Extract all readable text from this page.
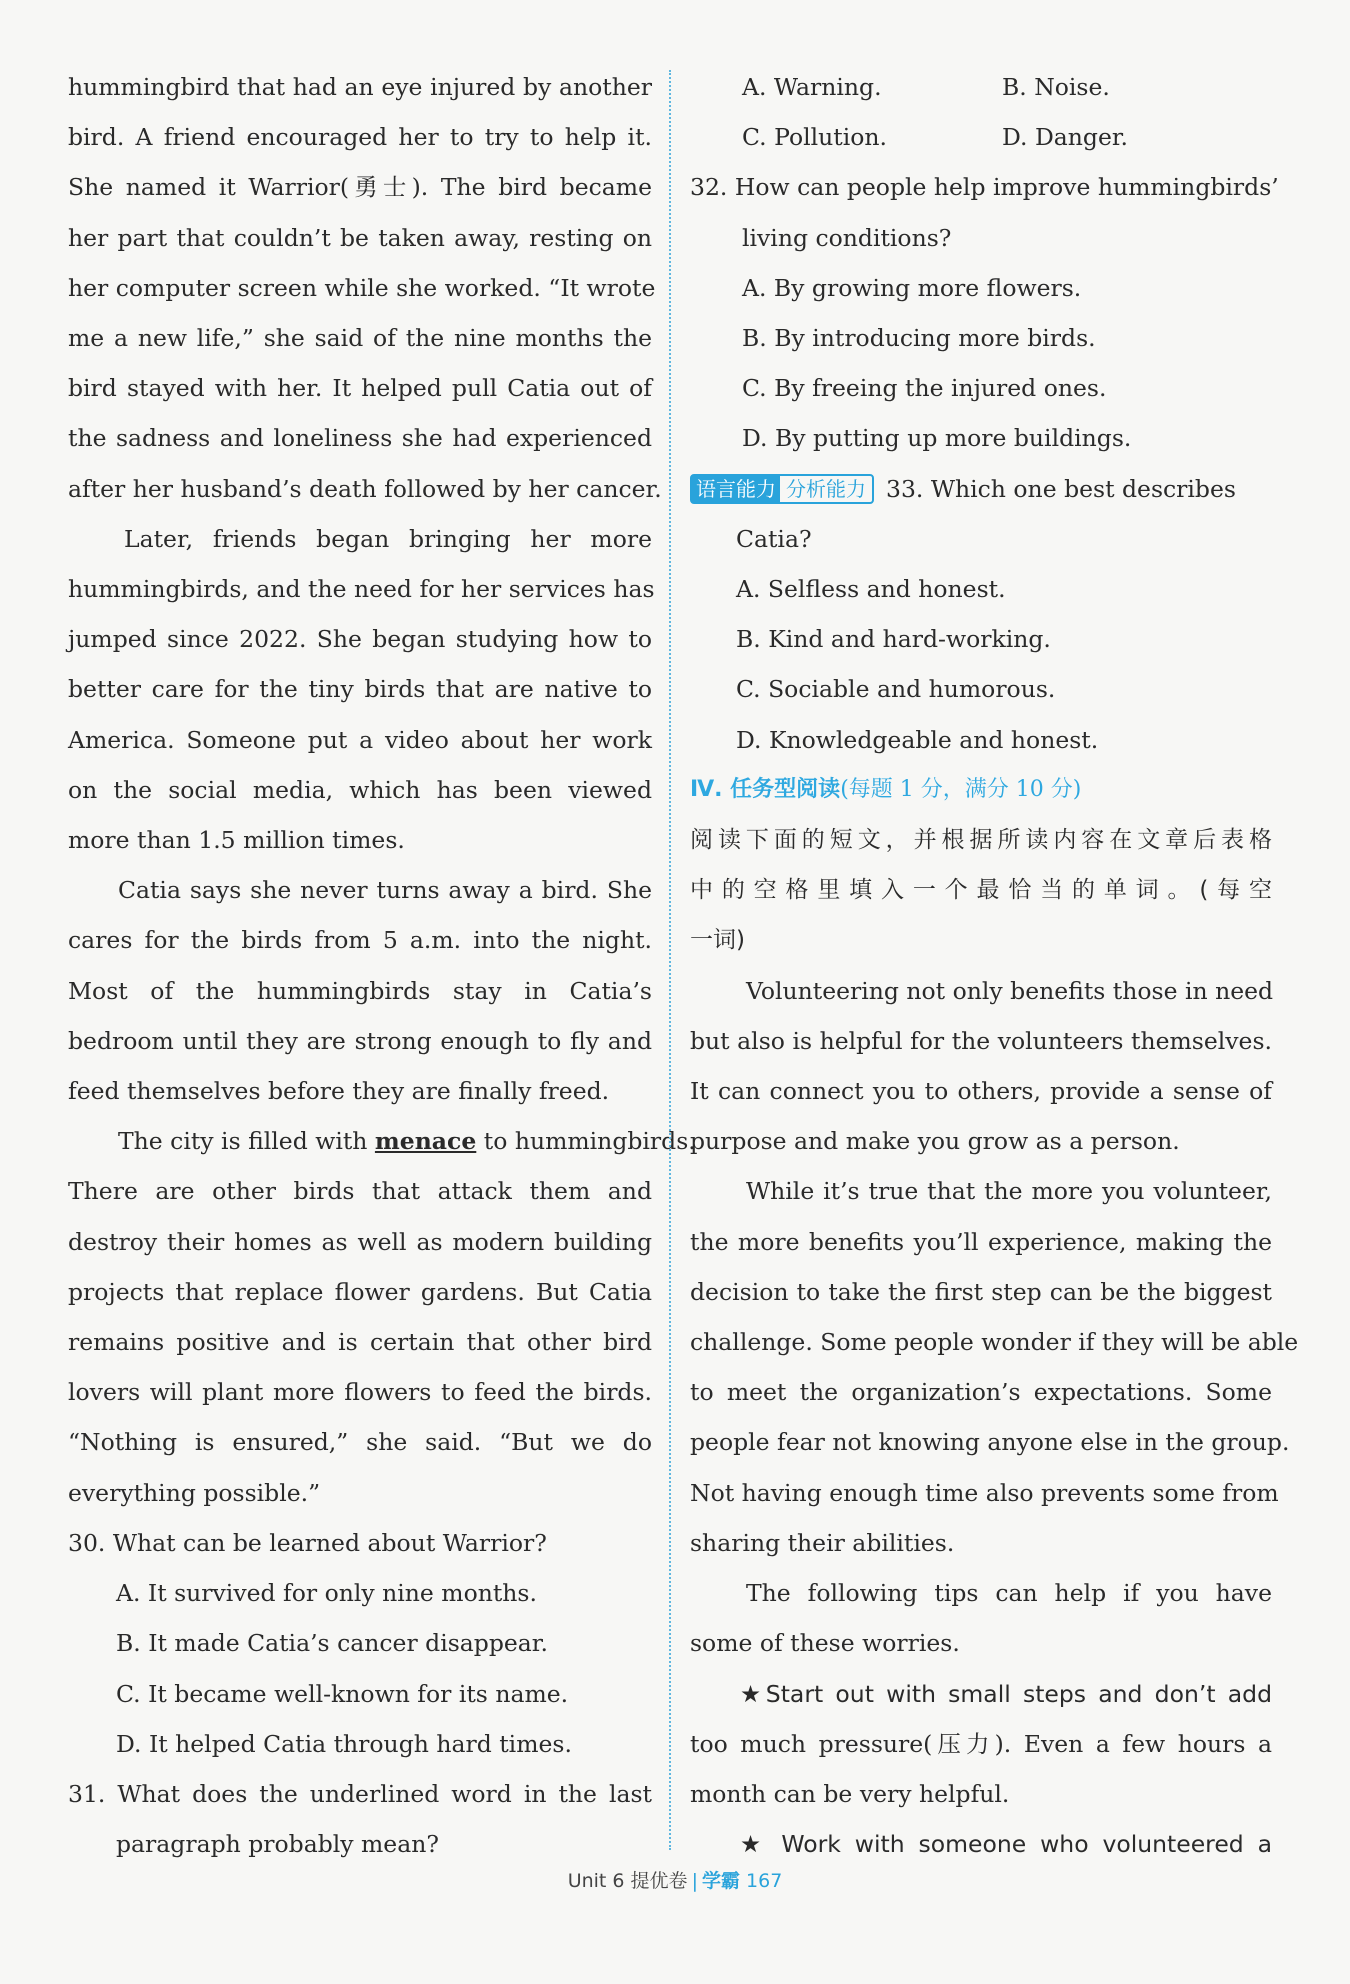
hummingbird that had an eye injured by another

bird. A friend encouraged her to try to help it.

She named it Warrior(勇士). The bird became

her part that couldn’t be taken away, resting on

her computer screen while she worked. “It wrote

me a new life,” she said of the nine months the

bird stayed with her. It helped pull Catia out of

the sadness and loneliness she had experienced

after her husband’s death followed by her cancer.

Later, friends began bringing her more

hummingbirds, and the need for her services has

jumped since 2022. She began studying how to

better care for the tiny birds that are native to

America. Someone put a video about her work

on the social media, which has been viewed

more than 1.5 million times.

Catia says she never turns away a bird. She

cares for the birds from 5 a.m. into the night.

Most of the hummingbirds stay in Catia’s

bedroom until they are strong enough to fly and

feed themselves before they are finally freed.

The city is filled with menace to hummingbirds.

There are other birds that attack them and

destroy their homes as well as modern building

projects that replace flower gardens. But Catia

remains positive and is certain that other bird

lovers will plant more flowers to feed the birds.

“Nothing is ensured,” she said. “But we do

everything possible.”

30. What can be learned about Warrior?

A. It survived for only nine months.

B. It made Catia’s cancer disappear.

C. It became well-known for its name.

D. It helped Catia through hard times.

31. What does the underlined word in the last

paragraph probably mean?

A. Warning.	B. Noise.
C. Pollution.	D. Danger.

32. How can people help improve hummingbirds’

living conditions?

A. By growing more flowers.

B. By introducing more birds.

C. By freeing the injured ones.

D. By putting up more buildings.

语言能力 分析能力 33. Which one best describes

Catia?

A. Selfless and honest.

B. Kind and hard-working.

C. Sociable and humorous.

D. Knowledgeable and honest.

Ⅳ. 任务型阅读(每题 1 分，满分 10 分)

阅读下面的短文，并根据所读内容在文章后表格

中的空格里填入一个最恰当的单词。(每空

一词)

Volunteering not only benefits those in need

but also is helpful for the volunteers themselves.

It can connect you to others, provide a sense of

purpose and make you grow as a person.

While it’s true that the more you volunteer,

the more benefits you’ll experience, making the

decision to take the first step can be the biggest

challenge. Some people wonder if they will be able

to meet the organization’s expectations. Some

people fear not knowing anyone else in the group.

Not having enough time also prevents some from

sharing their abilities.

The following tips can help if you have

some of these worries.

★Start out with small steps and don’t add

too much pressure(压力). Even a few hours a

month can be very helpful.

★ Work with someone who volunteered a

Unit 6 提优卷 | 学霸 167
